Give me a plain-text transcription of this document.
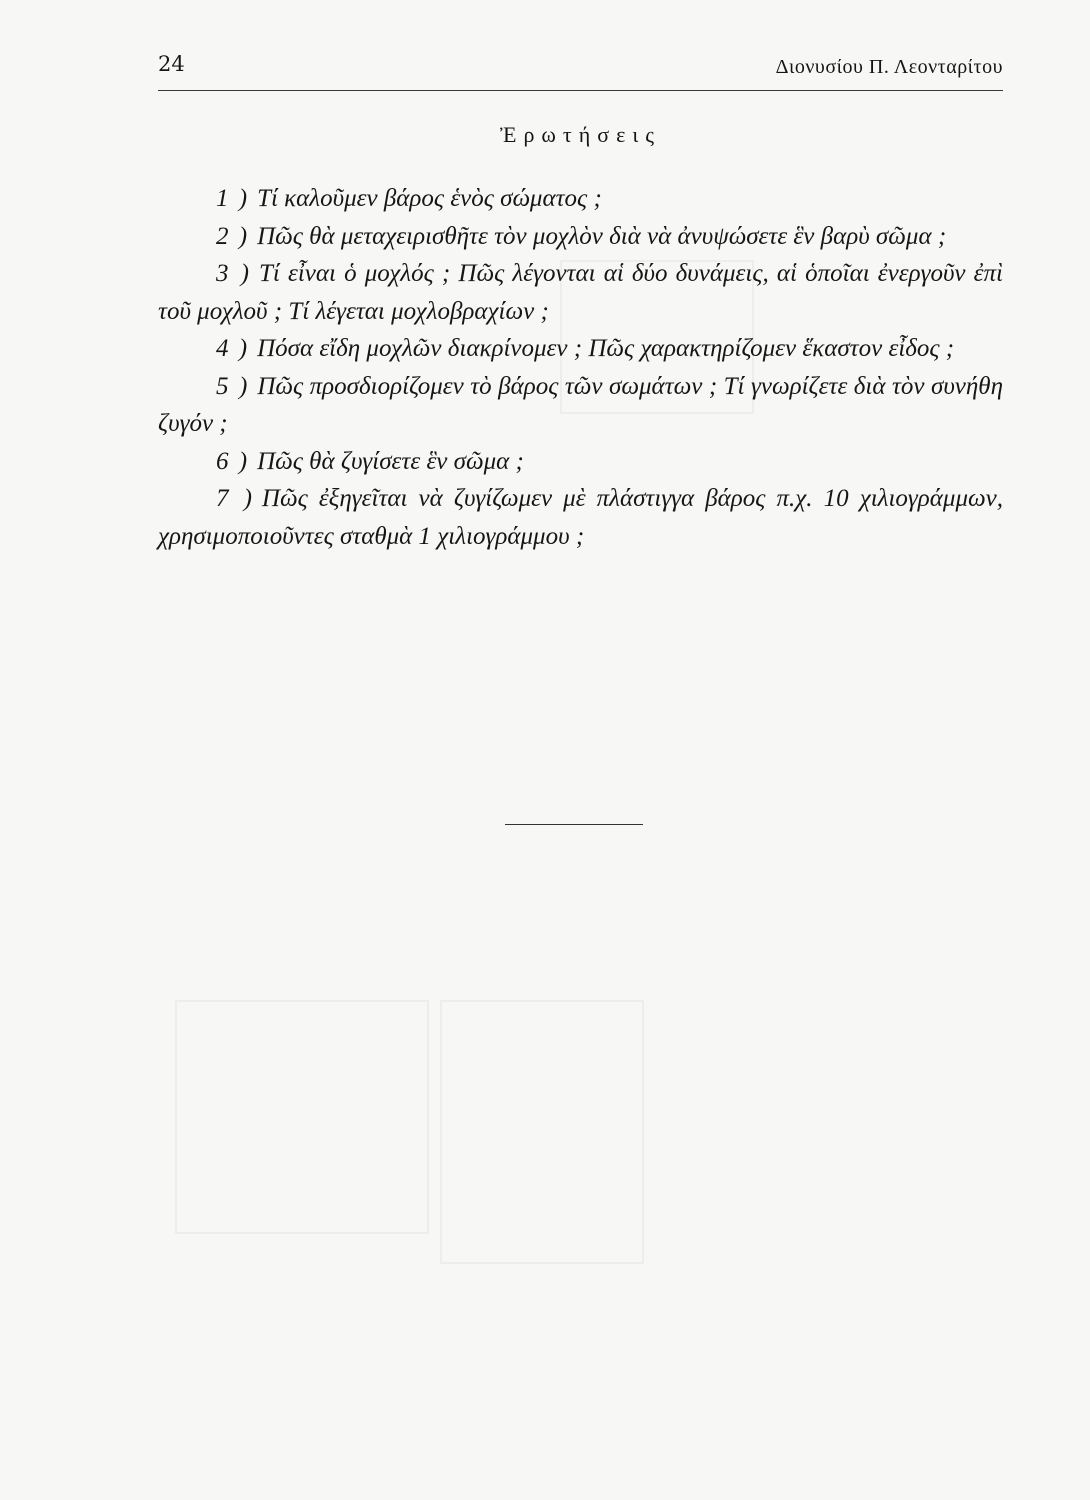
24	Διονυσίου Π. Λεονταρίτου
Ἐρωτήσεις

1 ) Τί καλοῦμεν βάρος ἑνὸς σώματος ;

2 ) Πῶς θὰ μεταχειρισθῆτε τὸν μοχλὸν διὰ νὰ ἀνυψώσετε ἓν βαρὺ σῶμα ;

3 ) Τί εἶναι ὁ μοχλός ; Πῶς λέγονται αἱ δύο δυνάμεις, αἱ ὁποῖαι ἐνεργοῦν ἐπὶ τοῦ μοχλοῦ ; Τί λέγεται μοχλοβραχίων ;

4 ) Πόσα εἴδη μοχλῶν διακρίνομεν ; Πῶς χαρακτηρίζομεν ἕκαστον εἶδος ;

5 ) Πῶς προσδιορίζομεν τὸ βάρος τῶν σωμάτων ; Τί γνωρίζετε διὰ τὸν συνήθη ζυγόν ;

6 ) Πῶς θὰ ζυγίσετε ἓν σῶμα ;

7 ) Πῶς ἐξηγεῖται νὰ ζυγίζωμεν μὲ πλάστιγγα βάρος π.χ. 10 χιλιογράμμων, χρησιμοποιοῦντες σταθμὰ 1 χιλιογράμμου ;
